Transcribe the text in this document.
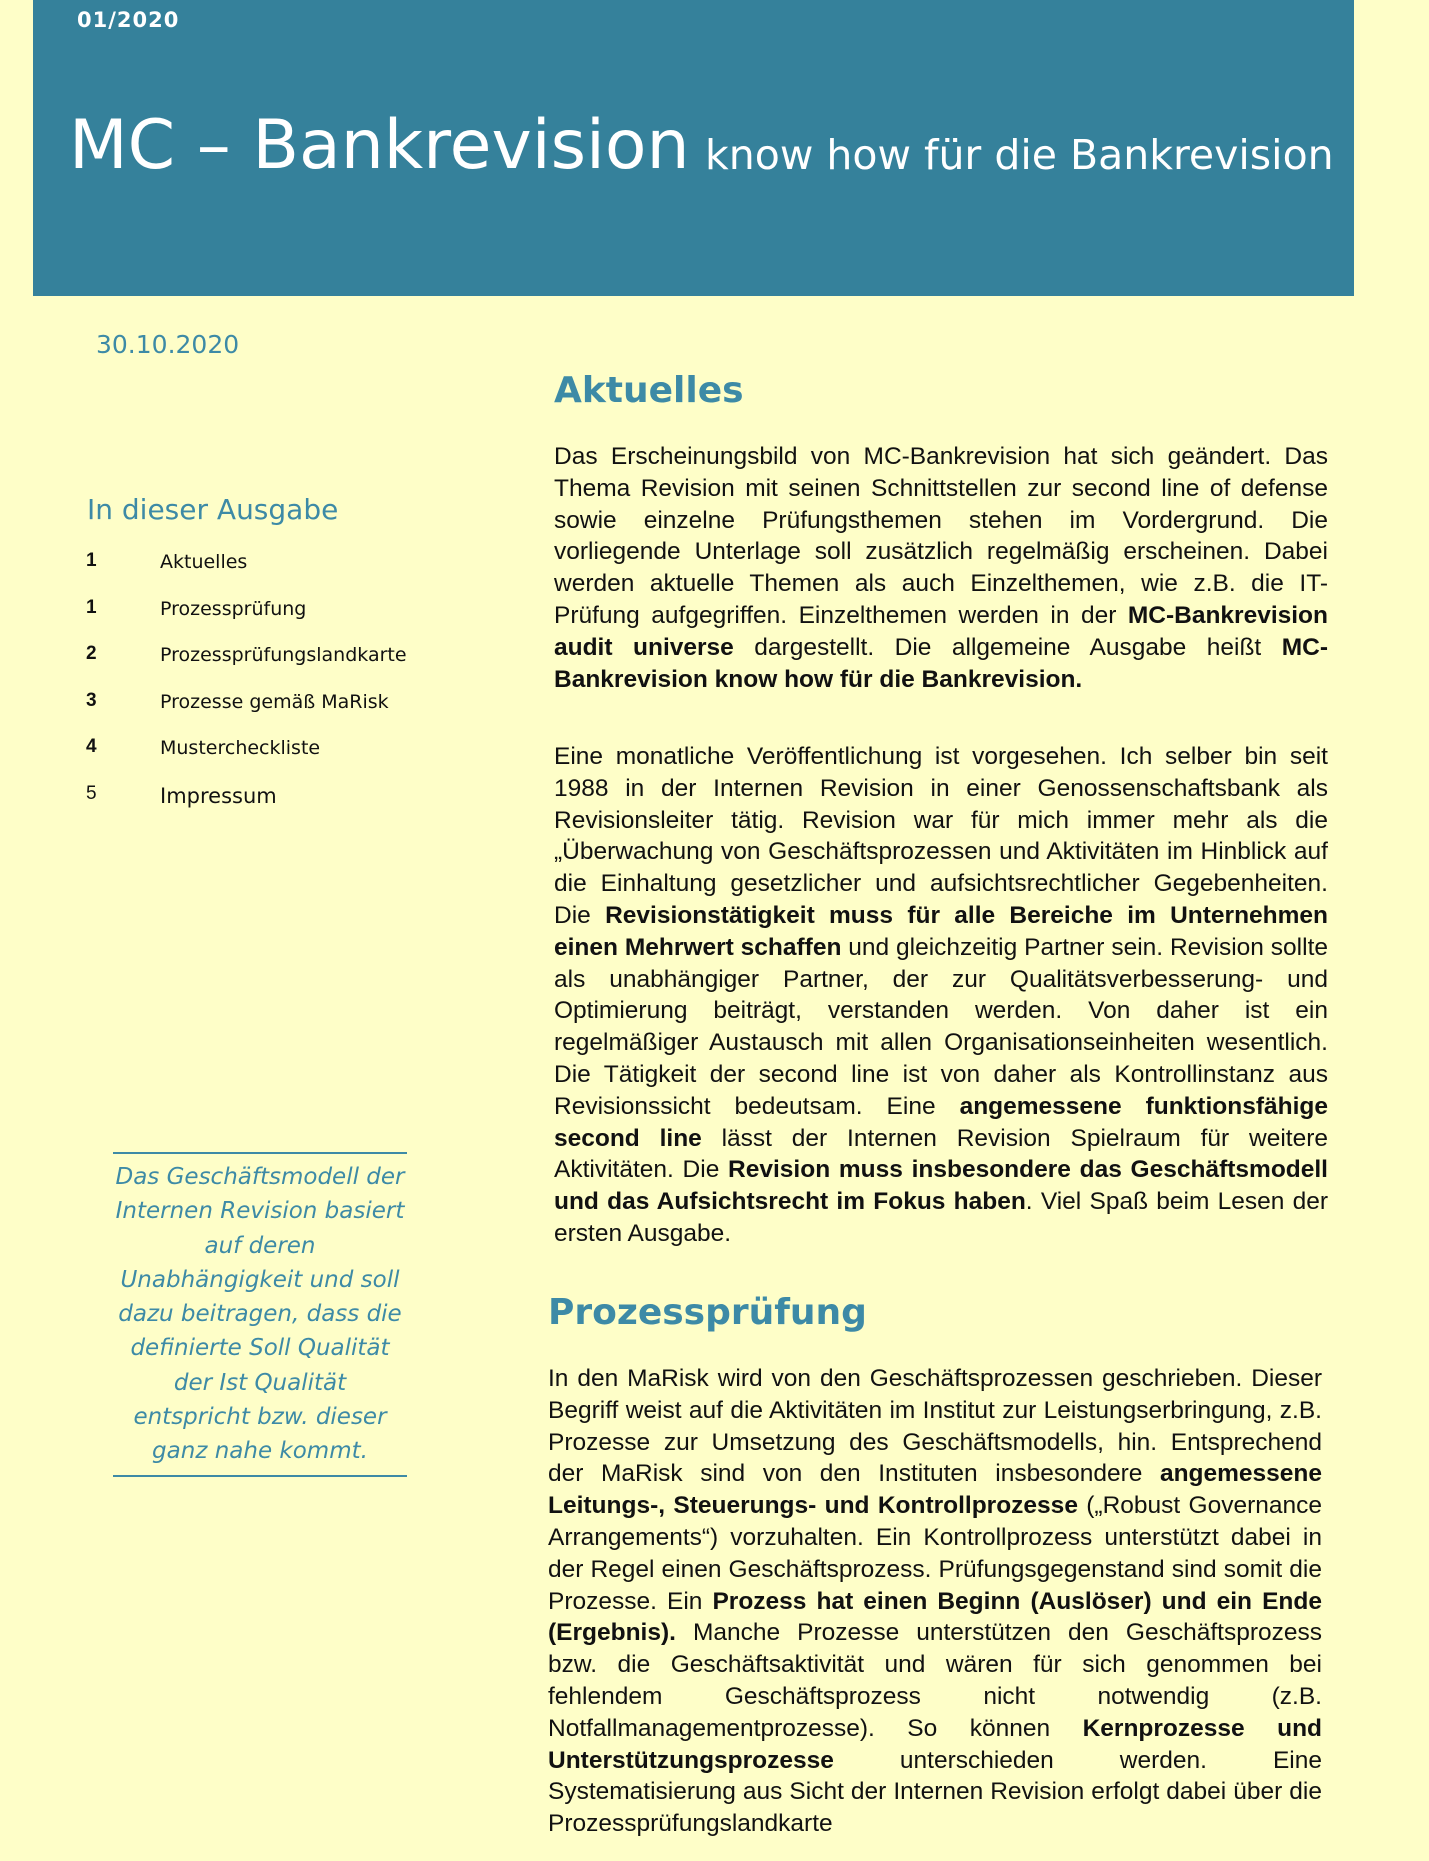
01/2020
MC – Bankrevision know how für die Bankrevision
30.10.2020
In dieser Ausgabe
1	Aktuelles
1	Prozessprüfung
2	Prozessprüfungslandkarte
3	Prozesse gemäß MaRisk
4	Mustercheckliste
5	Impressum
Das Geschäftsmodell der Internen Revision basiert auf deren Unabhängigkeit und soll dazu beitragen, dass die definierte Soll Qualität der Ist Qualität entspricht bzw. dieser ganz nahe kommt.
Aktuelles

Das Erscheinungsbild von MC-Bankrevision hat sich geändert. Das Thema Revision mit seinen Schnittstellen zur second line of defense sowie einzelne Prüfungsthemen stehen im Vordergrund. Die vorliegende Unterlage soll zusätzlich regelmäßig erscheinen. Dabei werden aktuelle Themen als auch Einzelthemen, wie z.B. die IT-Prüfung aufgegriffen. Einzelthemen werden in der MC-Bankrevision audit universe dargestellt. Die allgemeine Ausgabe heißt MC-Bankrevision know how für die Bankrevision.

Eine monatliche Veröffentlichung ist vorgesehen. Ich selber bin seit 1988 in der Internen Revision in einer Genossenschaftsbank als Revisionsleiter tätig. Revision war für mich immer mehr als die „Überwachung von Geschäftsprozessen und Aktivitäten im Hinblick auf die Einhaltung gesetzlicher und aufsichtsrechtlicher Gegebenheiten. Die Revisionstätigkeit muss für alle Bereiche im Unternehmen einen Mehrwert schaffen und gleichzeitig Partner sein. Revision sollte als unabhängiger Partner, der zur Qualitätsverbesserung- und Optimierung beiträgt, verstanden werden. Von daher ist ein regelmäßiger Austausch mit allen Organisationseinheiten wesentlich. Die Tätigkeit der second line ist von daher als Kontrollinstanz aus Revisionssicht bedeutsam. Eine angemessene funktionsfähige second line lässt der Internen Revision Spielraum für weitere Aktivitäten. Die Revision muss insbesondere das Geschäftsmodell und das Aufsichtsrecht im Fokus haben. Viel Spaß beim Lesen der ersten Ausgabe.

Prozessprüfung

In den MaRisk wird von den Geschäftsprozessen geschrieben. Dieser Begriff weist auf die Aktivitäten im Institut zur Leistungserbringung, z.B. Prozesse zur Umsetzung des Geschäftsmodells, hin. Entsprechend der MaRisk sind von den Instituten insbesondere angemessene Leitungs-, Steuerungs- und Kontrollprozesse („Robust Governance Arrangements“) vorzuhalten. Ein Kontrollprozess unterstützt dabei in der Regel einen Geschäftsprozess. Prüfungsgegenstand sind somit die Prozesse. Ein Prozess hat einen Beginn (Auslöser) und ein Ende (Ergebnis). Manche Prozesse unterstützen den Geschäftsprozess bzw. die Geschäftsaktivität und wären für sich genommen bei fehlendem Geschäftsprozess nicht notwendig (z.B. Notfallmanagementprozesse). So können Kernprozesse und Unterstützungsprozesse unterschieden werden. Eine Systematisierung aus Sicht der Internen Revision erfolgt dabei über die Prozessprüfungslandkarte
